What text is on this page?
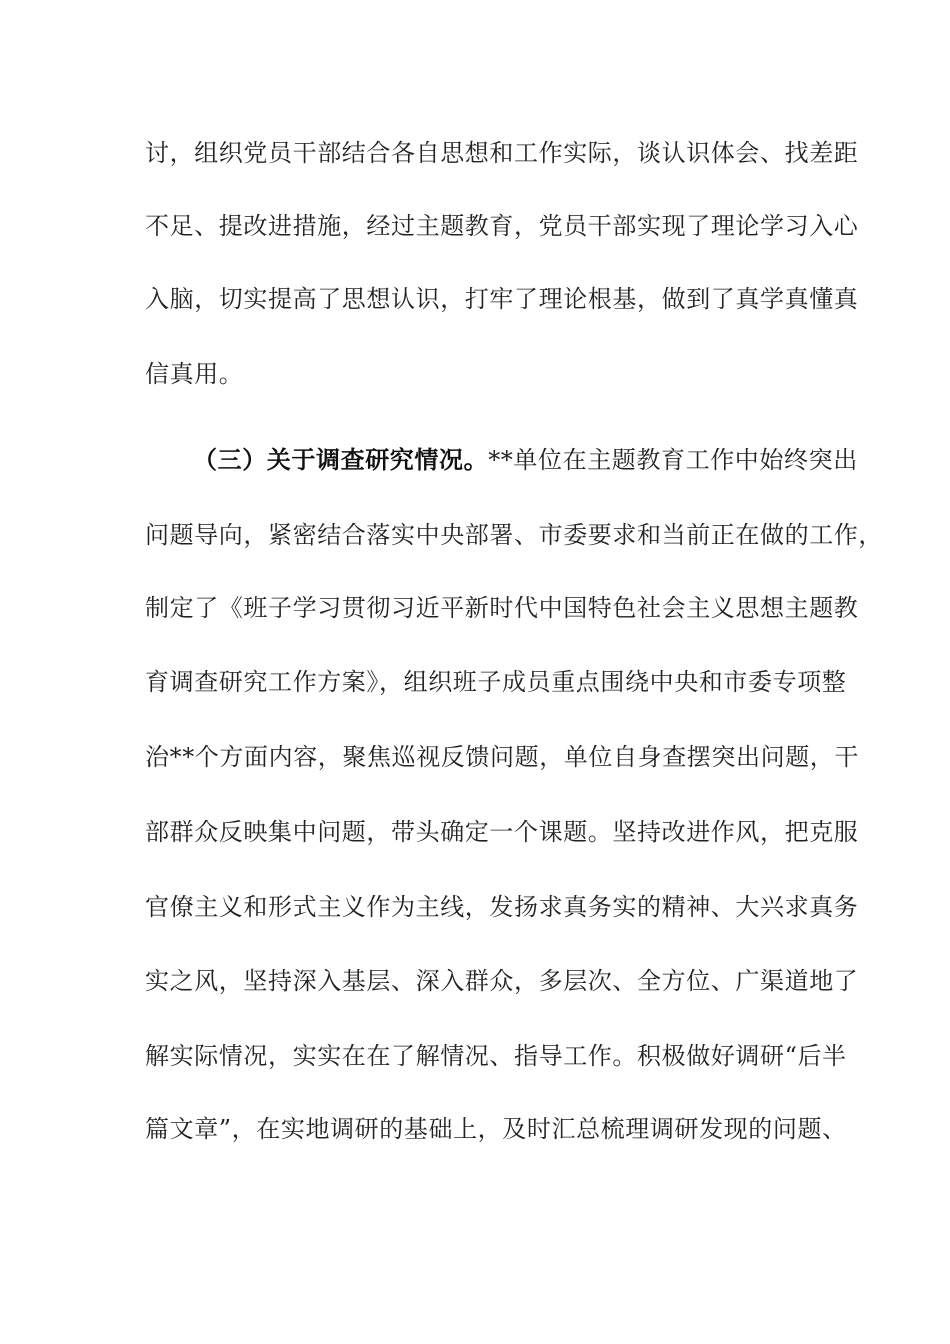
讨，组织党员干部结合各自思想和工作实际，谈认识体会、找差距
不足、提改进措施，经过主题教育，党员干部实现了理论学习入心
入脑，切实提高了思想认识，打牢了理论根基，做到了真学真懂真
信真用。
（三）关于调查研究情况。**单位在主题教育工作中始终突出
问题导向，紧密结合落实中央部署、市委要求和当前正在做的工作，
制定了《班子学习贯彻习近平新时代中国特色社会主义思想主题教
育调查研究工作方案》，组织班子成员重点围绕中央和市委专项整
治**个方面内容，聚焦巡视反馈问题，单位自身查摆突出问题，干
部群众反映集中问题，带头确定一个课题。坚持改进作风，把克服
官僚主义和形式主义作为主线，发扬求真务实的精神、大兴求真务
实之风，坚持深入基层、深入群众，多层次、全方位、广渠道地了
解实际情况，实实在在了解情况、指导工作。积极做好调研“后半
篇文章”，在实地调研的基础上，及时汇总梳理调研发现的问题、
